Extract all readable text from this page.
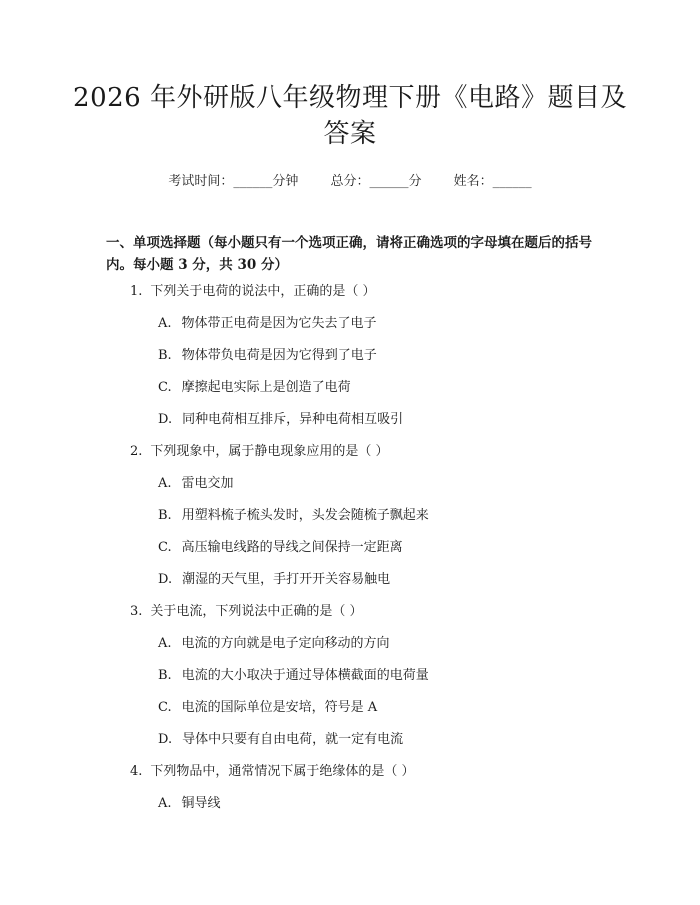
2026 年外研版八年级物理下册《电路》题目及答案
考试时间：______分钟 总分：______分 姓名：______

一、单项选择题（每小题只有一个选项正确，请将正确选项的字母填在题后的括号内。每小题 3 分，共 30 分）

1. 下列关于电荷的说法中，正确的是（ ）
A. 物体带正电荷是因为它失去了电子
B. 物体带负电荷是因为它得到了电子
C. 摩擦起电实际上是创造了电荷
D. 同种电荷相互排斥，异种电荷相互吸引
2. 下列现象中，属于静电现象应用的是（ ）
A. 雷电交加
B. 用塑料梳子梳头发时，头发会随梳子飘起来
C. 高压输电线路的导线之间保持一定距离
D. 潮湿的天气里，手打开开关容易触电
3. 关于电流，下列说法中正确的是（ ）
A. 电流的方向就是电子定向移动的方向
B. 电流的大小取决于通过导体横截面的电荷量
C. 电流的国际单位是安培，符号是 A
D. 导体中只要有自由电荷，就一定有电流
4. 下列物品中，通常情况下属于绝缘体的是（ ）
A. 铜导线
